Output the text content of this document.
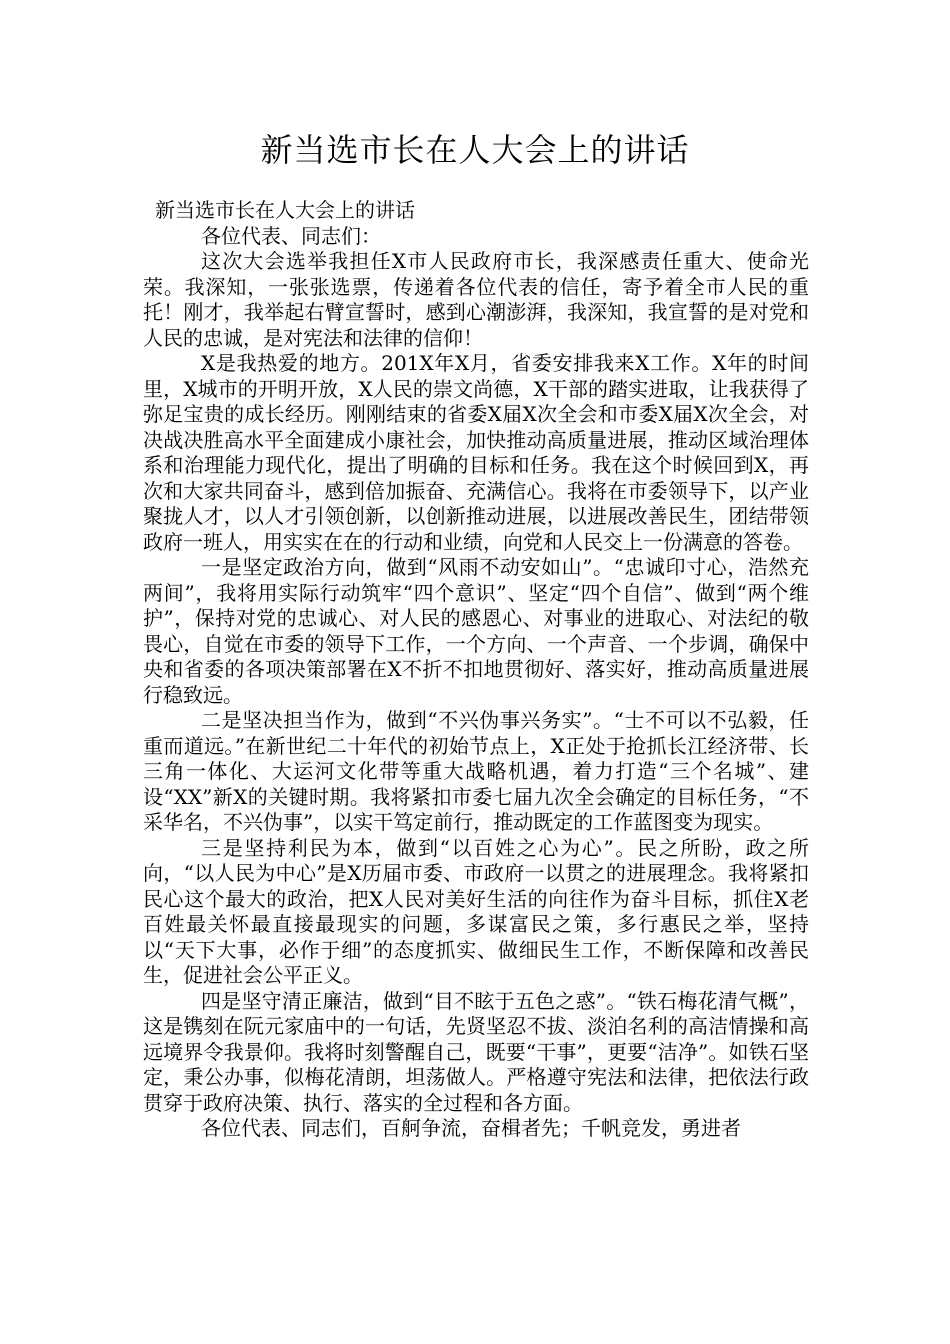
新当选市长在人大会上的讲话

新当选市长在人大会上的讲话

各位代表、同志们：

这次大会选举我担任X市人民政府市长，我深感责任重大、使命光荣。我深知，一张张选票，传递着各位代表的信任，寄予着全市人民的重托！刚才，我举起右臂宣誓时，感到心潮澎湃，我深知，我宣誓的是对党和人民的忠诚，是对宪法和法律的信仰！

X是我热爱的地方。201X年X月，省委安排我来X工作。X年的时间里，X城市的开明开放，X人民的崇文尚德，X干部的踏实进取，让我获得了弥足宝贵的成长经历。刚刚结束的省委X届X次全会和市委X届X次全会，对决战决胜高水平全面建成小康社会，加快推动高质量进展，推动区域治理体系和治理能力现代化，提出了明确的目标和任务。我在这个时候回到X，再次和大家共同奋斗，感到倍加振奋、充满信心。我将在市委领导下，以产业聚拢人才，以人才引领创新，以创新推动进展，以进展改善民生，团结带领政府一班人，用实实在在的行动和业绩，向党和人民交上一份满意的答卷。

一是坚定政治方向，做到“风雨不动安如山”。“忠诚印寸心，浩然充两间”，我将用实际行动筑牢“四个意识”、坚定“四个自信”、做到“两个维护”，保持对党的忠诚心、对人民的感恩心、对事业的进取心、对法纪的敬畏心，自觉在市委的领导下工作，一个方向、一个声音、一个步调，确保中央和省委的各项决策部署在X不折不扣地贯彻好、落实好，推动高质量进展行稳致远。

二是坚决担当作为，做到“不兴伪事兴务实”。“士不可以不弘毅，任重而道远。”在新世纪二十年代的初始节点上，X正处于抢抓长江经济带、长三角一体化、大运河文化带等重大战略机遇，着力打造“三个名城”、建设“XX”新X的关键时期。我将紧扣市委七届九次全会确定的目标任务，“不采华名，不兴伪事”，以实干笃定前行，推动既定的工作蓝图变为现实。

三是坚持利民为本，做到“以百姓之心为心”。民之所盼，政之所向，“以人民为中心”是X历届市委、市政府一以贯之的进展理念。我将紧扣民心这个最大的政治，把X人民对美好生活的向往作为奋斗目标，抓住X老百姓最关怀最直接最现实的问题，多谋富民之策，多行惠民之举，坚持以“天下大事，必作于细”的态度抓实、做细民生工作，不断保障和改善民生，促进社会公平正义。

四是坚守清正廉洁，做到“目不眩于五色之惑”。“铁石梅花清气概”，这是镌刻在阮元家庙中的一句话，先贤坚忍不拔、淡泊名利的高洁情操和高远境界令我景仰。我将时刻警醒自己，既要“干事”，更要“洁净”。如铁石坚定，秉公办事，似梅花清朗，坦荡做人。严格遵守宪法和法律，把依法行政贯穿于政府决策、执行、落实的全过程和各方面。

各位代表、同志们，百舸争流，奋楫者先；千帆竞发，勇进者
